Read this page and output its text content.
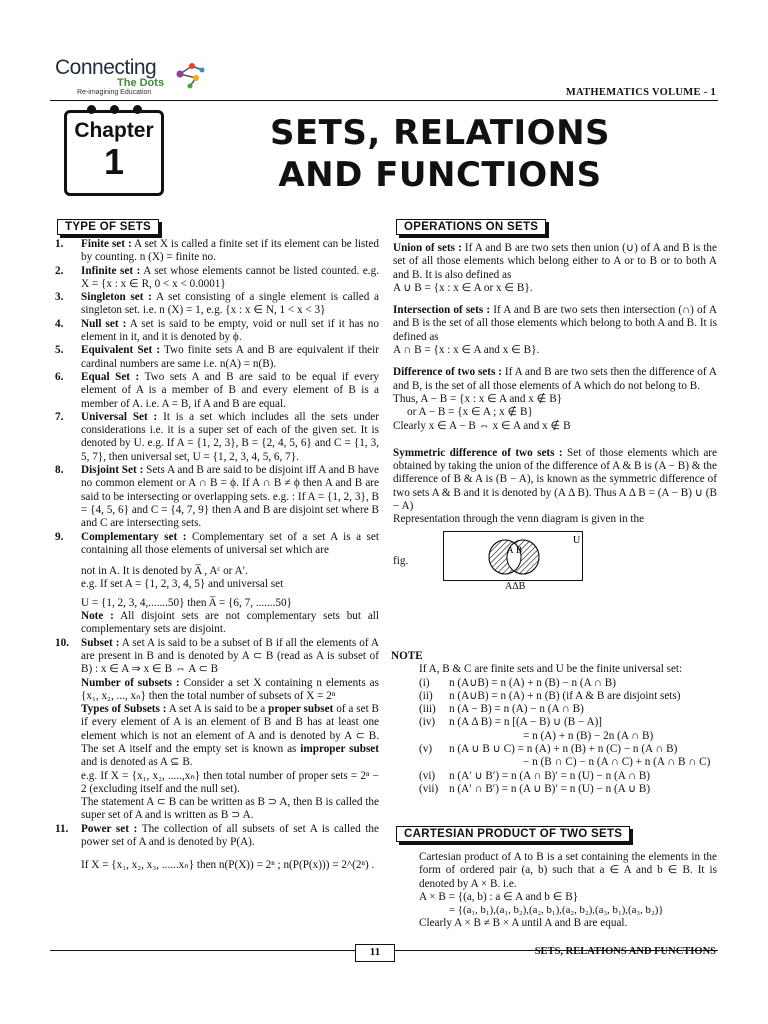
Connecting
The Dots
Re-imagining Education	MATHEMATICS VOLUME - 1
Chapter
1
SETS, RELATIONS
AND FUNCTIONS
TYPE OF SETS	OPERATIONS ON SETS
CARTESIAN PRODUCT OF TWO SETS
1.	Finite set : A set X is called a finite set if its element can be listed by counting. n (X) = finite no.
2.	Infinite set : A set whose elements cannot be listed counted. e.g. X = {x : x ∈ R, 0 < x < 0.0001}
3.	Singleton set : A set consisting of a single element is called a singleton set. i.e. n (X) = 1, e.g. {x : x ∈ N, 1 < x < 3}
4.	Null set : A set is said to be empty, void or null set if it has no element in it, and it is denoted by ϕ.
5.	Equivalent Set : Two finite sets A and B are equivalent if their cardinal numbers are same i.e. n(A) = n(B).
6.	Equal Set : Two sets A and B are said to be equal if every element of A is a member of B and every element of B is a member of A. i.e. A = B, if A and B are equal.
7.	Universal Set : It is a set which includes all the sets under considerations i.e. it is a super set of each of the given set. It is denoted by U. e.g. If A = {1, 2, 3}, B = {2, 4, 5, 6} and C = {1, 3, 5, 7}, then universal set, U = {1, 2, 3, 4, 5, 6, 7}.
8.	Disjoint Set : Sets A and B are said to be disjoint iff A and B have no common element or A ∩ B = ϕ. If A ∩ B ≠ ϕ then A and B are said to be intersecting or overlapping sets. e.g. : If A = {1, 2, 3}, B = {4, 5, 6} and C = {4, 7, 9} then A and B are disjoint set where B and C are intersecting sets.
9.	Complementary set : Complementary set of a set A is a set containing all those elements of universal set which are
not in A. It is denoted by A̅ , Aᶜ or A′.
e.g. If set A = {1, 2, 3, 4, 5} and universal set
U = {1, 2, 3, 4,.......50} then A̅ = {6, 7, .......50}
Note : All disjoint sets are not complementary sets but all complementary sets are disjoint.
10.	Subset : A set A is said to be a subset of B if all the elements of A are present in B and is denoted by A ⊂ B (read as A is subset of B) : x ∈ A ⇒ x ∈ B ⇔ A ⊂ B
Number of subsets : Consider a set X containing n elements as {x₁, x₂, ..., xₙ} then the total number of subsets of X = 2ⁿ
Types of Subsets : A set A is said to be a proper subset of a set B if every element of A is an element of B and B has at least one element which is not an element of A and is denoted by A ⊂ B. The set A itself and the empty set is known as improper subset and is denoted as A ⊆ B.
e.g. If X = {x₁, x₂, .....,xₙ} then total number of proper sets = 2ⁿ − 2 (excluding itself and the null set).
The statement A ⊂ B can be written as B ⊃ A, then B is called the super set of A and is written as B ⊃ A.
11.	Power set : The collection of all subsets of set A is called the power set of A and is denoted by P(A).
If X = {x₁, x₂, x₃, ......xₙ} then n(P(X)) = 2ⁿ ; n(P(P(x))) = 2^(2ⁿ) .
Union of sets : If A and B are two sets then union (∪) of A and B is the set of all those elements which belong either to A or to B or to both A and B. It is also defined as
A ∪ B = {x : x ∈ A or x ∈ B}.
Intersection of sets : If A and B are two sets then intersection (∩) of A and B is the set of all those elements which belong to both A and B. It is defined as
A ∩ B = {x : x ∈ A and x ∈ B}.
Difference of two sets : If A and B are two sets then the difference of A and B, is the set of all those elements of A which do not belong to B.
Thus, A − B = {x : x ∈ A and x ∉ B}
or A − B = {x ∈ A ; x ∉ B}
Clearly x ∈ A − B ⇔ x ∈ A and x ∉ B
Symmetric difference of two sets : Set of those elements which are obtained by taking the union of the difference of A & B is (A − B) & the difference of B & A is (B − A), is known as the symmetric difference of two sets A & B and it is denoted by (A Δ B). Thus A Δ B = (A − B) ∪ (B − A)
Representation through the venn diagram is given in the
fig.
U
A B
AΔB
NOTE
If A, B & C are finite sets and U be the finite universal set:
(i)	n (A∪B) = n (A) + n (B) − n (A ∩ B)
(ii)	n (A∪B) = n (A) + n (B) (if A & B are disjoint sets)
(iii)	n (A − B) = n (A) − n (A ∩ B)
(iv)	n (A Δ B) = n [(A − B) ∪ (B − A)]
= n (A) + n (B) − 2n (A ∩ B)
(v)	n (A ∪ B ∪ C) = n (A) + n (B) + n (C) − n (A ∩ B)
− n (B ∩ C) − n (A ∩ C) + n (A ∩ B ∩ C)
(vi)	n (A′ ∪ B′) = n (A ∩ B)′ = n (U) − n (A ∩ B)
(vii) n (A′ ∩ B′) = n (A ∪ B)′ = n (U) − n (A ∪ B)
Cartesian product of A to B is a set containing the elements in the form of ordered pair (a, b) such that a ∈ A and b ∈ B. It is denoted by A × B. i.e.
A × B = {(a, b) : a ∈ A and b ∈ B}
= {(a₁, b₁),(a₁, b₂),(a₂, b₁),(a₂, b₂),(a₃, b₁),(a₃, b₂)}
Clearly A × B ≠ B × A until A and B are equal.
11	SETS, RELATIONS AND FUNCTIONS
